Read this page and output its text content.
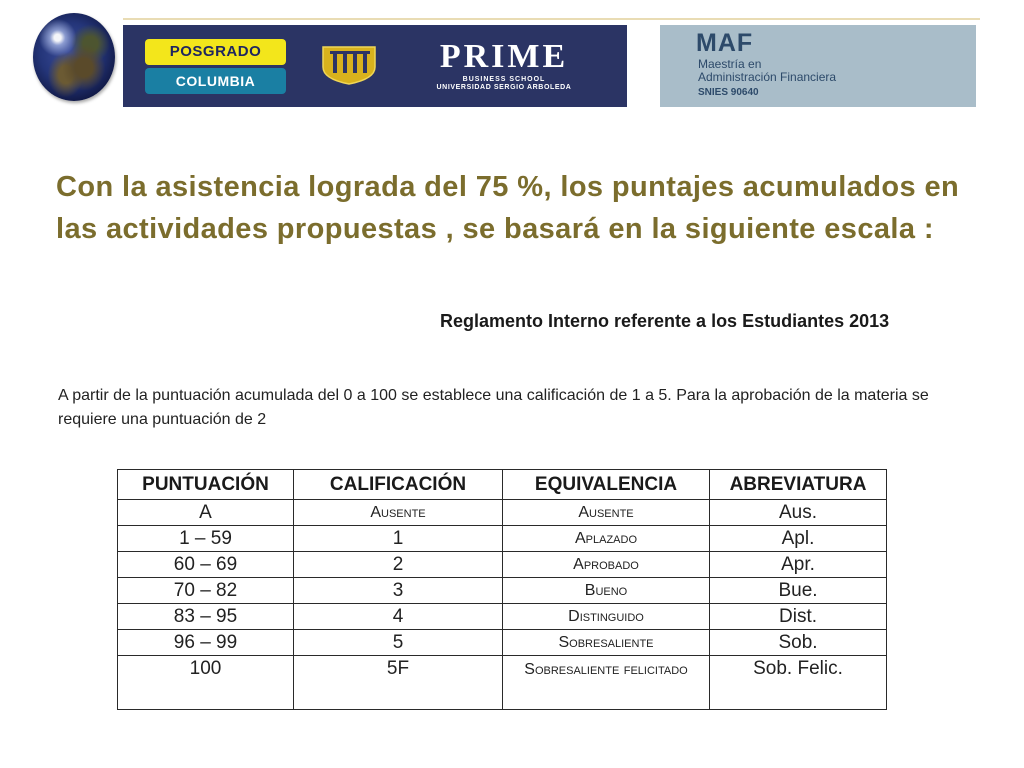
POSGRADO
COLUMBIA
PRIME
BUSINESS SCHOOL
UNIVERSIDAD SERGIO ARBOLEDA
MAF
Maestría en
Administración Financiera
SNIES 90640
Con la asistencia lograda del 75 %, los puntajes acumulados en las actividades propuestas , se basará en la siguiente escala :
Reglamento Interno referente a los Estudiantes 2013
A partir de la puntuación acumulada del 0 a 100 se establece una calificación de 1 a 5. Para la aprobación de la materia se requiere una puntuación de 2
PUNTUACIÓN	CALIFICACIÓN	EQUIVALENCIA	ABREVIATURA
A	ausente	ausente	Aus.
1 – 59	1	aplazado	Apl.
60 – 69	2	aprobado	Apr.
70 – 82	3	bueno	Bue.
83 – 95	4	distinguido	Dist.
96 – 99	5	sobresaliente	Sob.
100	5F	sobresaliente felicitado	Sob. Felic.
